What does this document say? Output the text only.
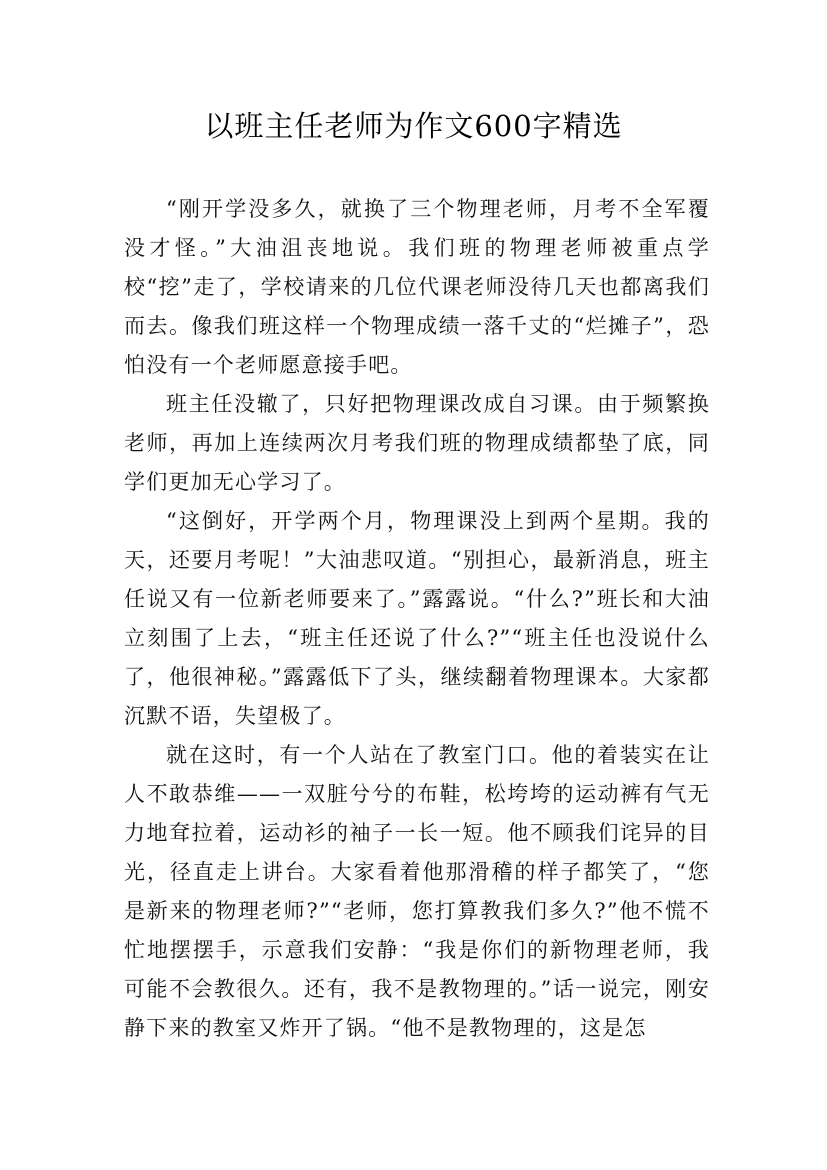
以班主任老师为作文600字精选

“刚开学没多久，就换了三个物理老师，月考不全军覆没才怪。”大油沮丧地说。我们班的物理老师被重点学校“挖”走了，学校请来的几位代课老师没待几天也都离我们而去。像我们班这样一个物理成绩一落千丈的“烂摊子”，恐怕没有一个老师愿意接手吧。

班主任没辙了，只好把物理课改成自习课。由于频繁换老师，再加上连续两次月考我们班的物理成绩都垫了底，同学们更加无心学习了。

“这倒好，开学两个月，物理课没上到两个星期。我的天，还要月考呢！”大油悲叹道。“别担心，最新消息，班主任说又有一位新老师要来了。”露露说。“什么?”班长和大油立刻围了上去，“班主任还说了什么?”“班主任也没说什么了，他很神秘。”露露低下了头，继续翻着物理课本。大家都沉默不语，失望极了。

就在这时，有一个人站在了教室门口。他的着装实在让人不敢恭维——一双脏兮兮的布鞋，松垮垮的运动裤有气无力地耷拉着，运动衫的袖子一长一短。他不顾我们诧异的目光，径直走上讲台。大家看着他那滑稽的样子都笑了，“您是新来的物理老师?”“老师，您打算教我们多久?”他不慌不忙地摆摆手，示意我们安静：“我是你们的新物理老师，我可能不会教很久。还有，我不是教物理的。”话一说完，刚安静下来的教室又炸开了锅。“他不是教物理的，这是怎
